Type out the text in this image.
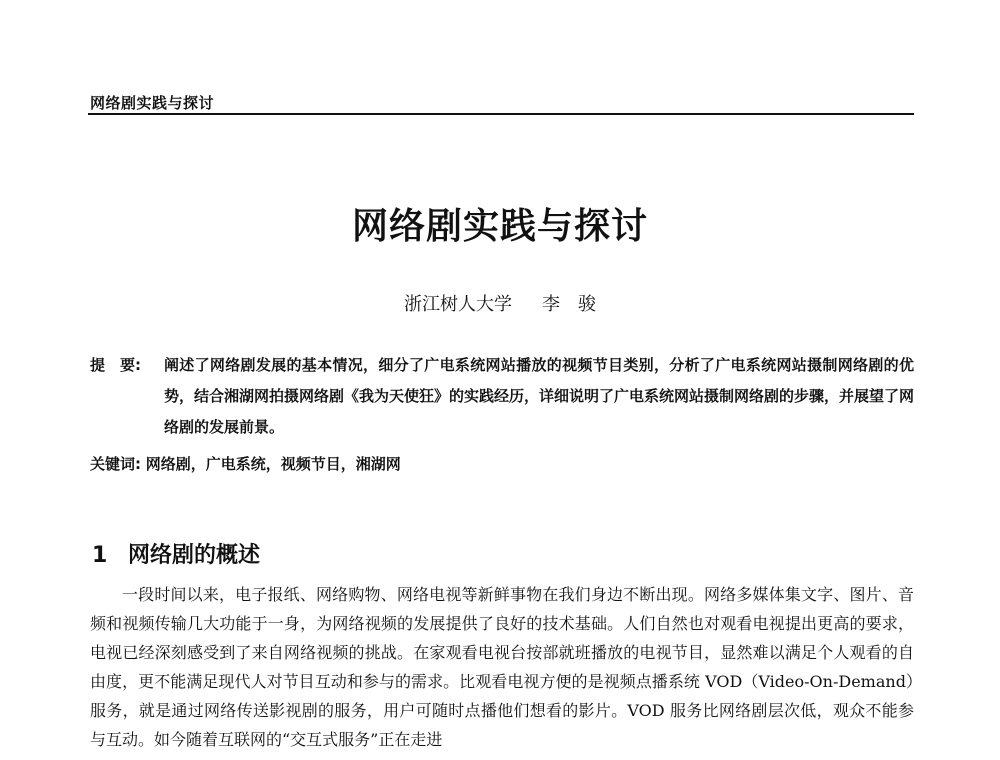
网络剧实践与探讨
网络剧实践与探讨
浙江树人大学 李　骏
提　要: 阐述了网络剧发展的基本情况，细分了广电系统网站播放的视频节目类别，分析了广电系统网站摄制网络剧的优势，结合湘湖网拍摄网络剧《我为天使狂》的实践经历，详细说明了广电系统网站摄制网络剧的步骤，并展望了网络剧的发展前景。
关键词: 网络剧，广电系统，视频节目，湘湖网
1 网络剧的概述
一段时间以来，电子报纸、网络购物、网络电视等新鲜事物在我们身边不断出现。网络多媒体集文字、图片、音频和视频传输几大功能于一身，为网络视频的发展提供了良好的技术基础。人们自然也对观看电视提出更高的要求，电视已经深刻感受到了来自网络视频的挑战。在家观看电视台按部就班播放的电视节目，显然难以满足个人观看的自由度，更不能满足现代人对节目互动和参与的需求。比观看电视方便的是视频点播系统 VOD（Video-On-Demand）服务，就是通过网络传送影视剧的服务，用户可随时点播他们想看的影片。VOD 服务比网络剧层次低，观众不能参与互动。如今随着互联网的“交互式服务”正在走进
